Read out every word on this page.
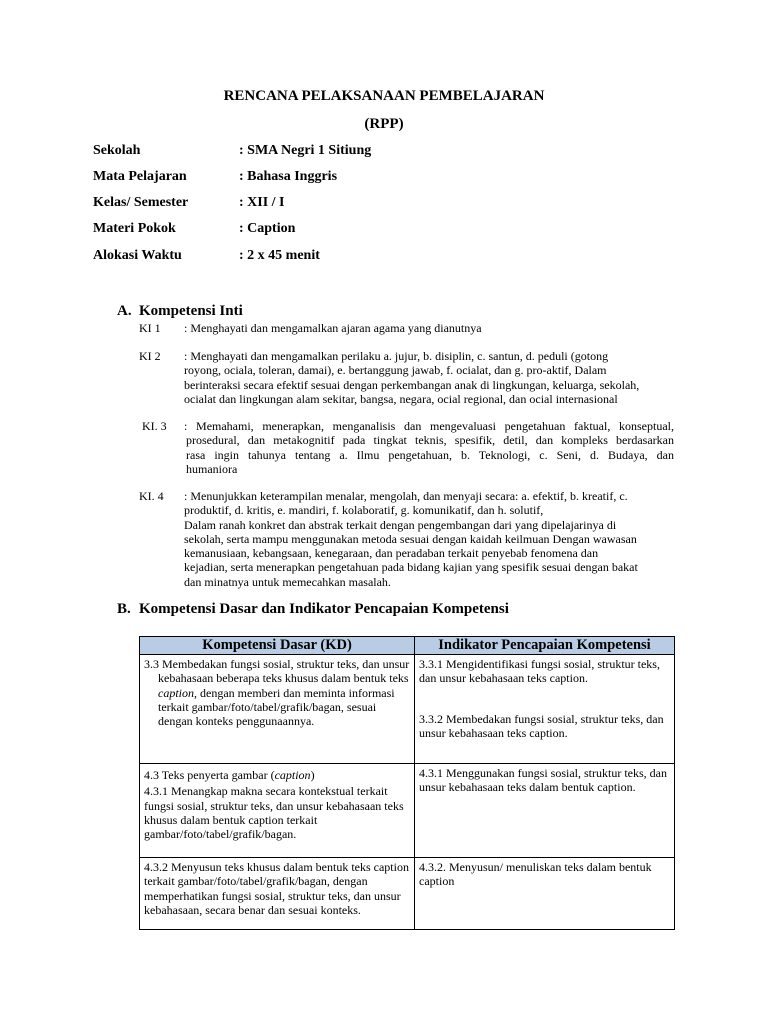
RENCANA PELAKSANAAN PEMBELAJARAN
(RPP)
Sekolah	: SMA Negri 1 Sitiung
Mata Pelajaran	: Bahasa Inggris
Kelas/ Semester	: XII / I
Materi Pokok	: Caption
Alokasi Waktu	: 2 x 45 menit
A. Kompetensi Inti
KI 1 : Menghayati dan mengamalkan ajaran agama yang dianutnya
KI 2 : Menghayati dan mengamalkan perilaku a. jujur, b. disiplin, c. santun, d. peduli (gotong
royong, ociala, toleran, damai), e. bertanggung jawab, f. ocialat, dan g. pro-aktif, Dalam
berinteraksi secara efektif sesuai dengan perkembangan anak di lingkungan, keluarga, sekolah,
ocialat dan lingkungan alam sekitar, bangsa, negara, ocial regional, dan ocial internasional
KI. 3 : Memahami, menerapkan, menganalisis dan mengevaluasi pengetahuan faktual, konseptual,
prosedural, dan metakognitif pada tingkat teknis, spesifik, detil, dan kompleks berdasarkan
rasa ingin tahunya tentang a. Ilmu pengetahuan, b. Teknologi, c. Seni, d. Budaya, dan
humaniora
KI. 4 : Menunjukkan keterampilan menalar, mengolah, dan menyaji secara: a. efektif, b. kreatif, c.
produktif, d. kritis, e. mandiri, f. kolaboratif, g. komunikatif, dan h. solutif,
Dalam ranah konkret dan abstrak terkait dengan pengembangan dari yang dipelajarinya di
sekolah, serta mampu menggunakan metoda sesuai dengan kaidah keilmuan Dengan wawasan
kemanusiaan, kebangsaan, kenegaraan, dan peradaban terkait penyebab fenomena dan
kejadian, serta menerapkan pengetahuan pada bidang kajian yang spesifik sesuai dengan bakat
dan minatnya untuk memecahkan masalah.
B. Kompetensi Dasar dan Indikator Pencapaian Kompetensi
Kompetensi Dasar (KD)	Indikator Pencapaian Kompetensi

3.3 Membedakan fungsi sosial, struktur teks, dan unsur kebahasaan beberapa teks khusus dalam bentuk teks caption, dengan memberi dan meminta informasi terkait gambar/foto/tabel/grafik/bagan, sesuai dengan konteks penggunaannya.	3.3.1 Mengidentifikasi fungsi sosial, struktur teks, dan unsur kebahasaan teks caption.
3.3.2 Membedakan fungsi sosial, struktur teks, dan unsur kebahasaan teks caption.

4.3 Teks penyerta gambar (caption)
4.3.1 Menangkap makna secara kontekstual terkait fungsi sosial, struktur teks, dan unsur kebahasaan teks khusus dalam bentuk caption terkait gambar/foto/tabel/grafik/bagan.	4.3.1 Menggunakan fungsi sosial, struktur teks, dan unsur kebahasaan teks dalam bentuk caption.

4.3.2 Menyusun teks khusus dalam bentuk teks caption terkait gambar/foto/tabel/grafik/bagan, dengan memperhatikan fungsi sosial, struktur teks, dan unsur kebahasaan, secara benar dan sesuai konteks.	4.3.2. Menyusun/ menuliskan teks dalam bentuk caption
